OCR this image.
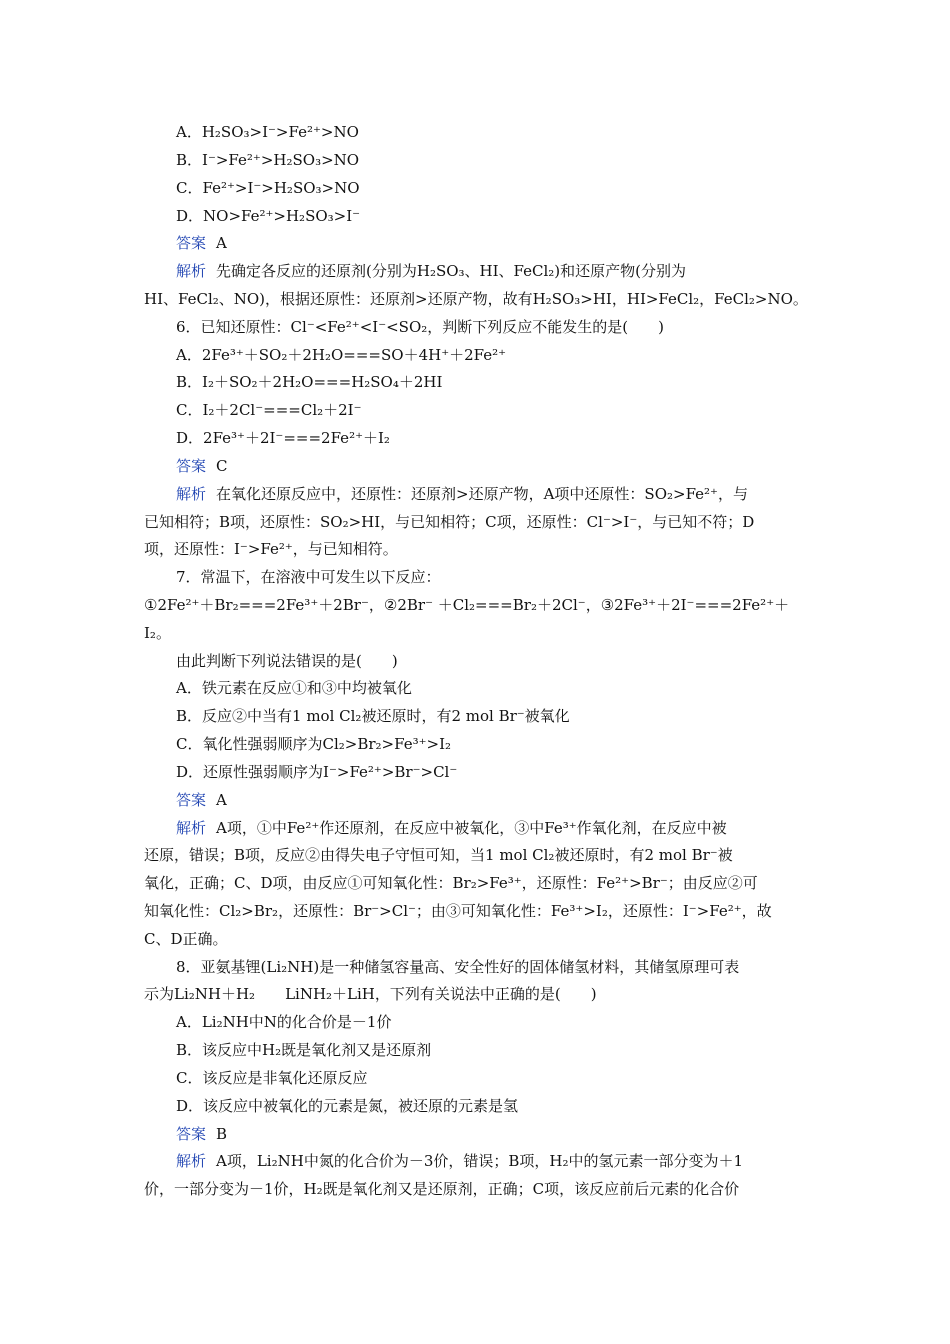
A．H₂SO₃>I⁻>Fe²⁺>NO
B．I⁻>Fe²⁺>H₂SO₃>NO
C．Fe²⁺>I⁻>H₂SO₃>NO
D．NO>Fe²⁺>H₂SO₃>I⁻
答案 A
解析 先确定各反应的还原剂(分别为H₂SO₃、HI、FeCl₂)和还原产物(分别为
HI、FeCl₂、NO)，根据还原性：还原剂>还原产物，故有H₂SO₃>HI，HI>FeCl₂，FeCl₂>NO。
6．已知还原性：Cl⁻<Fe²⁺<I⁻<SO₂，判断下列反应不能发生的是(　　)
A．2Fe³⁺＋SO₂＋2H₂O===SO＋4H⁺＋2Fe²⁺
B．I₂＋SO₂＋2H₂O===H₂SO₄＋2HI
C．I₂＋2Cl⁻===Cl₂＋2I⁻
D．2Fe³⁺＋2I⁻===2Fe²⁺＋I₂
答案 C
解析 在氧化还原反应中，还原性：还原剂>还原产物，A项中还原性：SO₂>Fe²⁺，与
已知相符；B项，还原性：SO₂>HI，与已知相符；C项，还原性：Cl⁻>I⁻，与已知不符；D
项，还原性：I⁻>Fe²⁺，与已知相符。
7．常温下，在溶液中可发生以下反应：
①2Fe²⁺＋Br₂===2Fe³⁺＋2Br⁻，②2Br⁻ ＋Cl₂===Br₂＋2Cl⁻，③2Fe³⁺＋2I⁻===2Fe²⁺＋
I₂。
由此判断下列说法错误的是(　　)
A．铁元素在反应①和③中均被氧化
B．反应②中当有1 mol Cl₂被还原时，有2 mol Br⁻被氧化
C．氧化性强弱顺序为Cl₂>Br₂>Fe³⁺>I₂
D．还原性强弱顺序为I⁻>Fe²⁺>Br⁻>Cl⁻
答案 A
解析 A项，①中Fe²⁺作还原剂，在反应中被氧化，③中Fe³⁺作氧化剂，在反应中被
还原，错误；B项，反应②由得失电子守恒可知，当1 mol Cl₂被还原时，有2 mol Br⁻被
氧化，正确；C、D项，由反应①可知氧化性：Br₂>Fe³⁺，还原性：Fe²⁺>Br⁻；由反应②可
知氧化性：Cl₂>Br₂，还原性：Br⁻>Cl⁻；由③可知氧化性：Fe³⁺>I₂，还原性：I⁻>Fe²⁺，故
C、D正确。
8．亚氨基锂(Li₂NH)是一种储氢容量高、安全性好的固体储氢材料，其储氢原理可表
示为Li₂NH＋H₂　　LiNH₂＋LiH，下列有关说法中正确的是(　　)
A．Li₂NH中N的化合价是－1价
B．该反应中H₂既是氧化剂又是还原剂
C．该反应是非氧化还原反应
D．该反应中被氧化的元素是氮，被还原的元素是氢
答案 B
解析 A项，Li₂NH中氮的化合价为－3价，错误；B项，H₂中的氢元素一部分变为＋1
价，一部分变为－1价，H₂既是氧化剂又是还原剂，正确；C项，该反应前后元素的化合价
